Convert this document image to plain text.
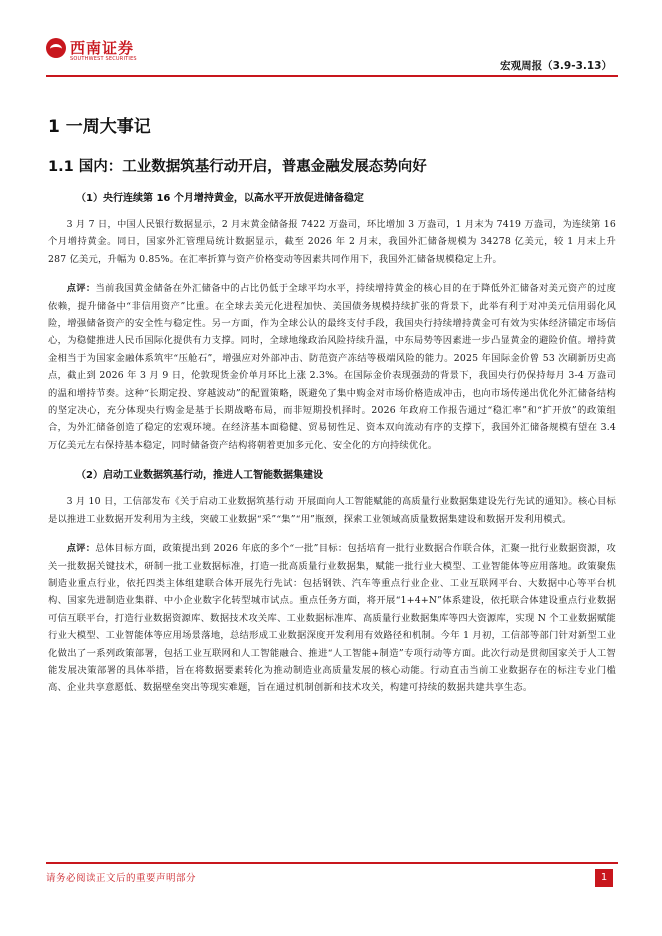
西南证券
SOUTHWEST SECURITIES
宏观周报（3.9-3.13）
1 一周大事记
1.1 国内：工业数据筑基行动开启，普惠金融发展态势向好
（1）央行连续第 16 个月增持黄金，以高水平开放促进储备稳定

3 月 7 日，中国人民银行数据显示，2 月末黄金储备报 7422 万盎司，环比增加 3 万盎司，1 月末为 7419 万盎司，为连续第 16 个月增持黄金。同日，国家外汇管理局统计数据显示，截至 2026 年 2 月末，我国外汇储备规模为 34278 亿美元，较 1 月末上升 287 亿美元，升幅为 0.85%。在汇率折算与资产价格变动等因素共同作用下，我国外汇储备规模稳定上升。

点评：当前我国黄金储备在外汇储备中的占比仍低于全球平均水平，持续增持黄金的核心目的在于降低外汇储备对美元资产的过度依赖，提升储备中“非信用资产”比重。在全球去美元化进程加快、美国债务规模持续扩张的背景下，此举有利于对冲美元信用弱化风险，增强储备资产的安全性与稳定性。另一方面，作为全球公认的最终支付手段，我国央行持续增持黄金可有效为实体经济锚定市场信心，为稳健推进人民币国际化提供有力支撑。同时，全球地缘政治风险持续升温，中东局势等因素进一步凸显黄金的避险价值。增持黄金相当于为国家金融体系筑牢“压舱石”，增强应对外部冲击、防范资产冻结等极端风险的能力。2025 年国际金价曾 53 次刷新历史高点，截止到 2026 年 3 月 9 日，伦敦现货金价单月环比上涨 2.3%。在国际金价表现强劲的背景下，我国央行仍保持每月 3-4 万盎司的温和增持节奏。这种“长期定投、穿越波动”的配置策略，既避免了集中购金对市场价格造成冲击，也向市场传递出优化外汇储备结构的坚定决心，充分体现央行购金是基于长期战略布局，而非短期投机择时。2026 年政府工作报告通过“稳汇率”和“扩开放”的政策组合，为外汇储备创造了稳定的宏观环境。在经济基本面稳健、贸易韧性足、资本双向流动有序的支撑下，我国外汇储备规模有望在 3.4 万亿美元左右保持基本稳定，同时储备资产结构将朝着更加多元化、安全化的方向持续优化。

（2）启动工业数据筑基行动，推进人工智能数据集建设

3 月 10 日，工信部发布《关于启动工业数据筑基行动 开展面向人工智能赋能的高质量行业数据集建设先行先试的通知》。核心目标是以推进工业数据开发利用为主线，突破工业数据“采”“集”“用”瓶颈，探索工业领域高质量数据集建设和数据开发利用模式。

点评：总体目标方面，政策提出到 2026 年底的多个“一批”目标：包括培育一批行业数据合作联合体，汇聚一批行业数据资源，攻关一批数据关键技术，研制一批工业数据标准，打造一批高质量行业数据集，赋能一批行业大模型、工业智能体等应用落地。政策聚焦制造业重点行业，依托四类主体组建联合体开展先行先试：包括钢铁、汽车等重点行业企业、工业互联网平台、大数据中心等平台机构、国家先进制造业集群、中小企业数字化转型城市试点。重点任务方面，将开展“1+4+N”体系建设，依托联合体建设重点行业数据可信互联平台，打造行业数据资源库、数据技术攻关库、工业数据标准库、高质量行业数据集库等四大资源库，实现 N 个工业数据赋能行业大模型、工业智能体等应用场景落地，总结形成工业数据深度开发利用有效路径和机制。今年 1 月初，工信部等部门针对新型工业化做出了一系列政策部署，包括工业互联网和人工智能融合、推进“人工智能+制造”专项行动等方面。此次行动是贯彻国家关于人工智能发展决策部署的具体举措，旨在将数据要素转化为推动制造业高质量发展的核心动能。行动直击当前工业数据存在的标注专业门槛高、企业共享意愿低、数据壁垒突出等现实难题，旨在通过机制创新和技术攻关，构建可持续的数据共建共享生态。

请务必阅读正文后的重要声明部分	1
